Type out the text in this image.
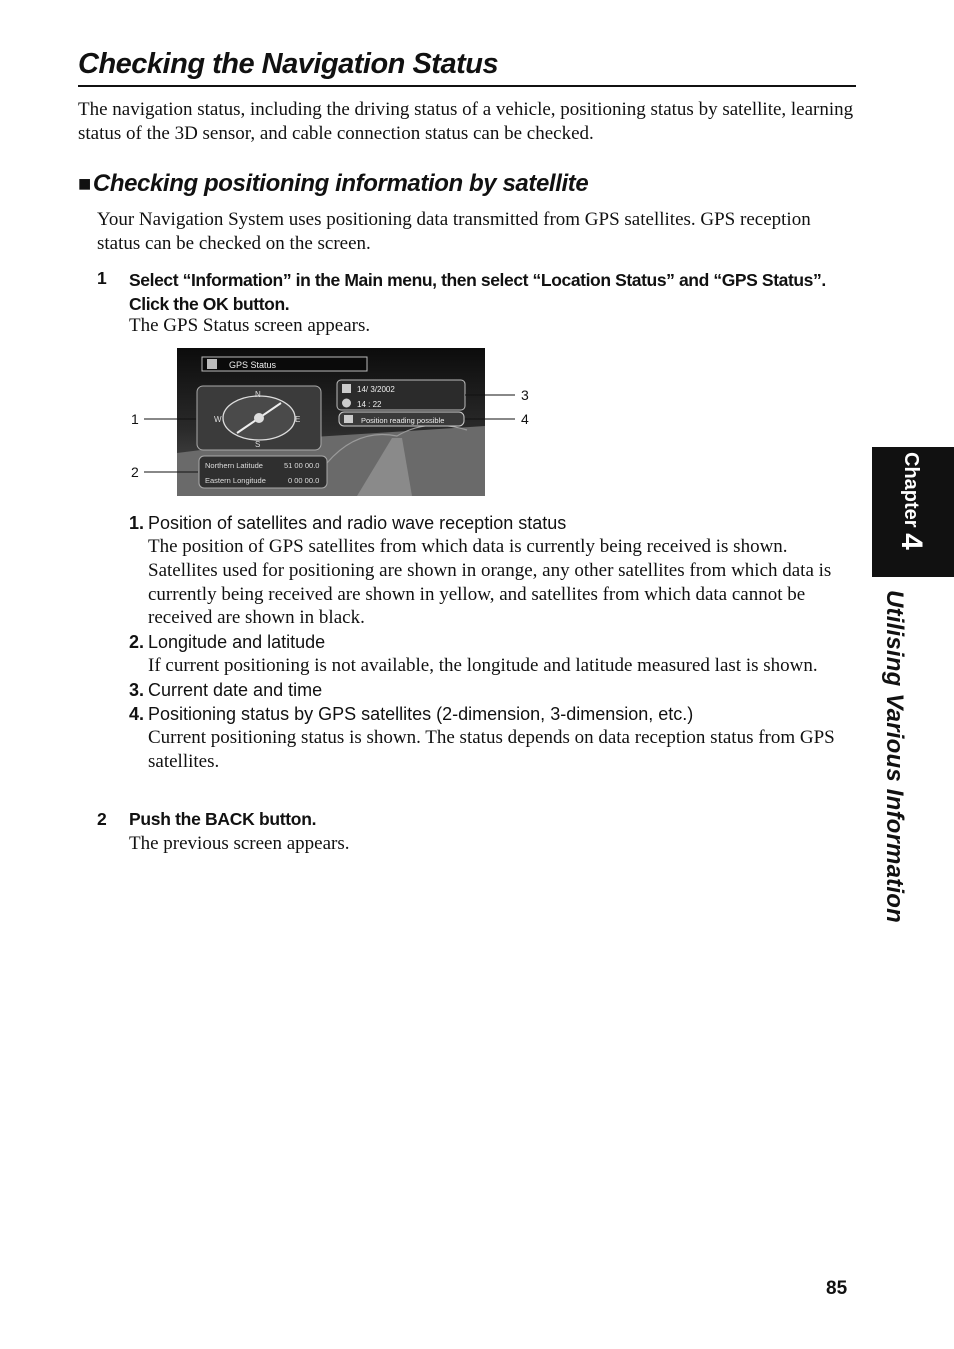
Checking the Navigation Status
The navigation status, including the driving status of a vehicle, positioning status by satellite, learning status of the 3D sensor, and cable connection status can be checked.
■Checking positioning information by satellite
Your Navigation System uses positioning data transmitted from GPS satellites. GPS reception status can be checked on the screen.
1 Select “Information” in the Main menu, then select “Location Status” and “GPS Status”. Click the OK button.
The GPS Status screen appears.
GPS Status
N
S
E
W
14/ 3/2002
14 : 22
Position reading possible
Northern Latitude	51 00 00.0
Eastern Longitude	0 00 00.0
1
2
3
4
1. Position of satellites and radio wave reception status
The position of GPS satellites from which data is currently being received is shown. Satellites used for positioning are shown in orange, any other satellites from which data is currently being received are shown in yellow, and satellites from which data cannot be received are shown in black.
2. Longitude and latitude
If current positioning is not available, the longitude and latitude measured last is shown.
3. Current date and time
4. Positioning status by GPS satellites (2-dimension, 3-dimension, etc.)
Current positioning status is shown. The status depends on data reception status from GPS satellites.
2 Push the BACK button.
The previous screen appears.
85
Chapter 4
Utilising Various Information
